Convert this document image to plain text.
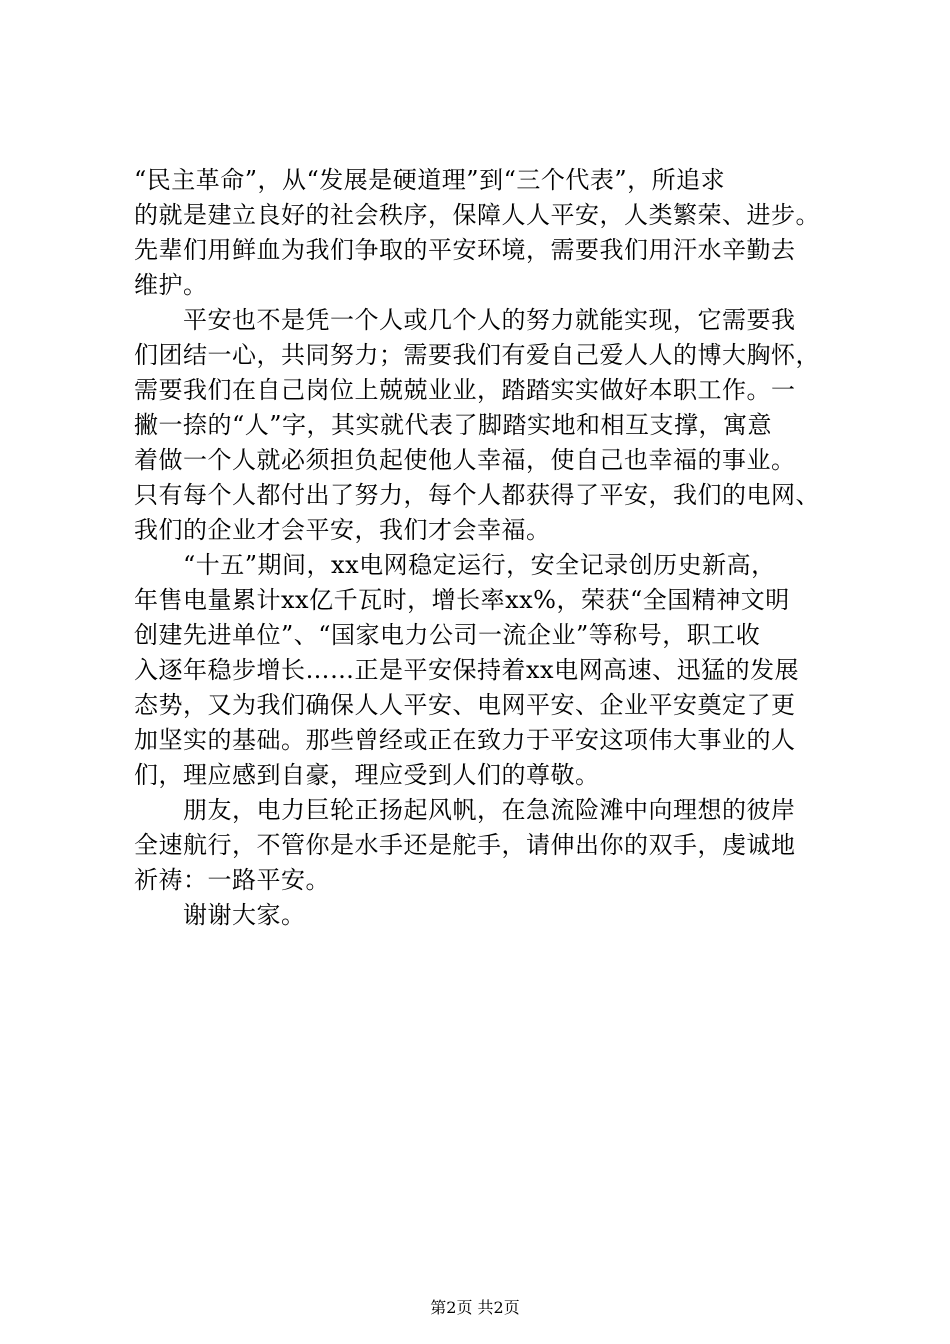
“民主革命”，从“发展是硬道理”到“三个代表”，所追求
的就是建立良好的社会秩序，保障人人平安，人类繁荣、进步。
先辈们用鲜血为我们争取的平安环境，需要我们用汗水辛勤去
维护。
　　平安也不是凭一个人或几个人的努力就能实现，它需要我
们团结一心，共同努力；需要我们有爱自己爱人人的博大胸怀，
需要我们在自己岗位上兢兢业业，踏踏实实做好本职工作。一
撇一捺的“人”字，其实就代表了脚踏实地和相互支撑，寓意
着做一个人就必须担负起使他人幸福，使自己也幸福的事业。
只有每个人都付出了努力，每个人都获得了平安，我们的电网、
我们的企业才会平安，我们才会幸福。
　　“十五”期间，xx电网稳定运行，安全记录创历史新高，
年售电量累计xx亿千瓦时，增长率xx%，荣获“全国精神文明
创建先进单位”、“国家电力公司一流企业”等称号，职工收
入逐年稳步增长……正是平安保持着xx电网高速、迅猛的发展
态势，又为我们确保人人平安、电网平安、企业平安奠定了更
加坚实的基础。那些曾经或正在致力于平安这项伟大事业的人
们，理应感到自豪，理应受到人们的尊敬。
　　朋友，电力巨轮正扬起风帆，在急流险滩中向理想的彼岸
全速航行，不管你是水手还是舵手，请伸出你的双手，虔诚地
祈祷：一路平安。
　　谢谢大家。
第2页 共2页
